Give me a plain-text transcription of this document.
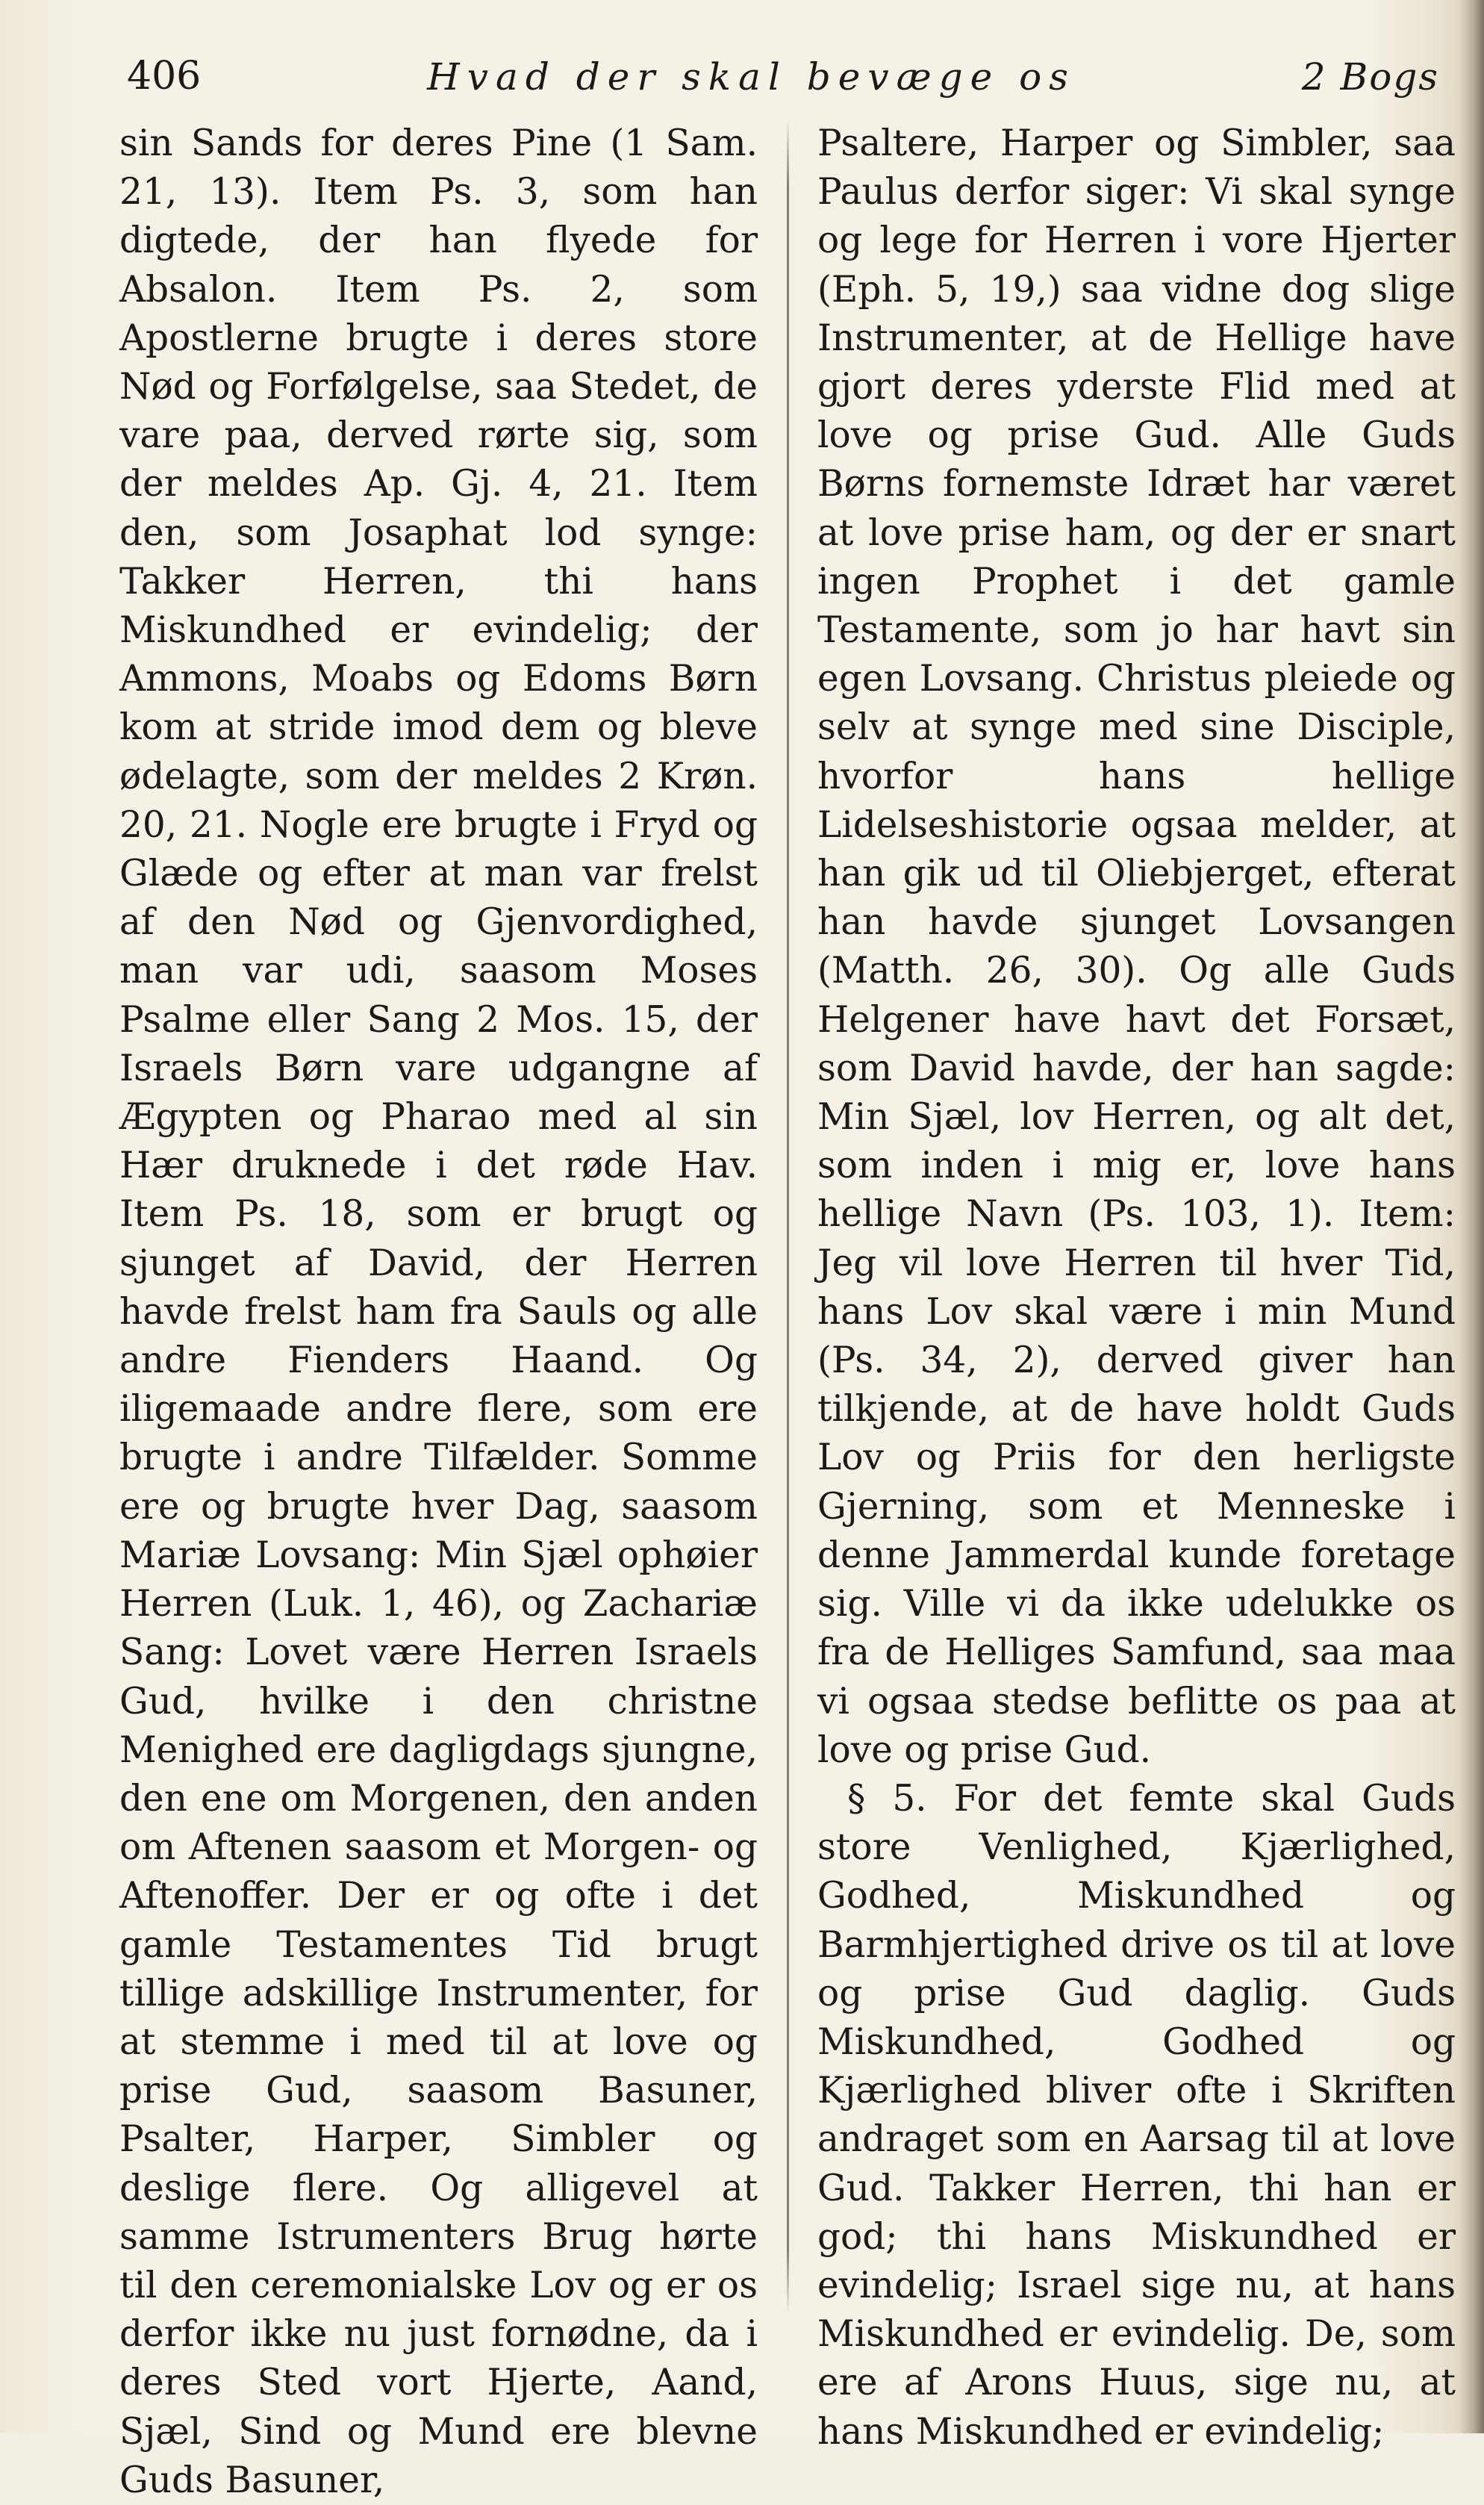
406	Hvad der skal bevæge os	2 Bogs

sin Sands for deres Pine (1 Sam. 21, 13). Item Ps. 3, som han digtede, der han flyede for Absalon. Item Ps. 2, som Apostlerne brugte i deres store Nød og Forfølgelse, saa Stedet, de vare paa, derved rørte sig, som der meldes Ap. Gj. 4, 21. Item den, som Josaphat lod synge: Takker Herren, thi hans Miskundhed er evindelig; der Ammons, Moabs og Edoms Børn kom at stride imod dem og bleve ødelagte, som der meldes 2 Krøn. 20, 21. Nogle ere brugte i Fryd og Glæde og efter at man var frelst af den Nød og Gjenvordighed, man var udi, saasom Moses Psalme eller Sang 2 Mos. 15, der Israels Børn vare udgangne af Ægypten og Pharao med al sin Hær druknede i det røde Hav. Item Ps. 18, som er brugt og sjunget af David, der Herren havde frelst ham fra Sauls og alle andre Fienders Haand. Og iligemaade andre flere, som ere brugte i andre Tilfælder. Somme ere og brugte hver Dag, saasom Mariæ Lovsang: Min Sjæl ophøier Herren (Luk. 1, 46), og Zachariæ Sang: Lovet være Herren Israels Gud, hvilke i den christne Menighed ere dagligdags sjungne, den ene om Morgenen, den anden om Aftenen saasom et Morgen- og Aftenoffer. Der er og ofte i det gamle Testamentes Tid brugt tillige adskillige Instrumenter, for at stemme i med til at love og prise Gud, saasom Basuner, Psalter, Harper, Simbler og deslige flere. Og alligevel at samme Istrumenters Brug hørte til den ceremonialske Lov og er os derfor ikke nu just fornødne, da i deres Sted vort Hjerte, Aand, Sjæl, Sind og Mund ere blevne Guds Basuner,

Psaltere, Harper og Simbler, saa Paulus derfor siger: Vi skal synge og lege for Herren i vore Hjerter (Eph. 5, 19,) saa vidne dog slige Instrumenter, at de Hellige have gjort deres yderste Flid med at love og prise Gud. Alle Guds Børns fornemste Idræt har været at love prise ham, og der er snart ingen Prophet i det gamle Testamente, som jo har havt sin egen Lovsang. Christus pleiede og selv at synge med sine Disciple, hvorfor hans hellige Lidelseshistorie ogsaa melder, at han gik ud til Oliebjerget, efterat han havde sjunget Lovsangen (Matth. 26, 30). Og alle Guds Helgener have havt det Forsæt, som David havde, der han sagde: Min Sjæl, lov Herren, og alt det, som inden i mig er, love hans hellige Navn (Ps. 103, 1). Item: Jeg vil love Herren til hver Tid, hans Lov skal være i min Mund (Ps. 34, 2), derved giver han tilkjende, at de have holdt Guds Lov og Priis for den herligste Gjerning, som et Menneske i denne Jammerdal kunde foretage sig. Ville vi da ikke udelukke os fra de Helliges Samfund, saa maa vi ogsaa stedse beflitte os paa at love og prise Gud.

§ 5. For det femte skal Guds store Venlighed, Kjærlighed, Godhed, Miskundhed og Barmhjertighed drive os til at love og prise Gud daglig. Guds Miskundhed, Godhed og Kjærlighed bliver ofte i Skriften andraget som en Aarsag til at love Gud. Takker Herren, thi han er god; thi hans Miskundhed er evindelig; Israel sige nu, at hans Miskundhed er evindelig. De, som ere af Arons Huus, sige nu, at hans Miskundhed er evindelig;
